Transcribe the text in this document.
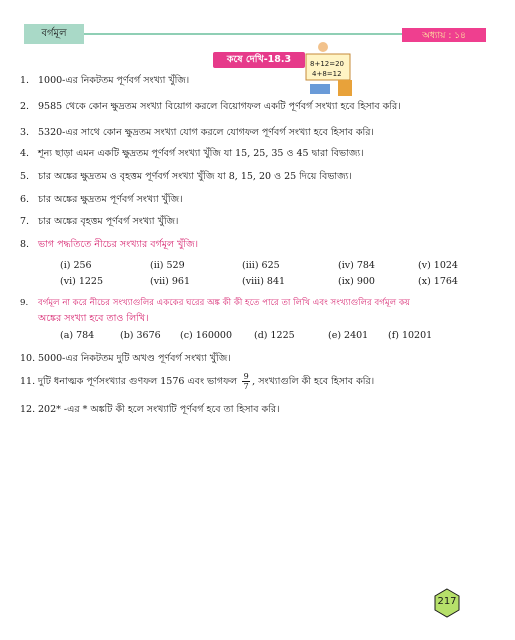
বর্গমূল	অধ্যায় : ১৪
কষে দেখি-18.3	8+12=20
4+8=12
1. 1000-এর নিকটতম পূর্ণবর্গ সংখ্যা খুঁজি।
2. 9585 থেকে কোন ক্ষুদ্রতম সংখ্যা বিয়োগ করলে বিয়োগফল একটি পূর্ণবর্গ সংখ্যা হবে হিসাব করি।
3. 5320-এর সাথে কোন ক্ষুদ্রতম সংখ্যা যোগ করলে যোগফল পূর্ণবর্গ সংখ্যা হবে হিসাব করি।
4. শূন্য ছাড়া এমন একটি ক্ষুদ্রতম পূর্ণবর্গ সংখ্যা খুঁজি যা 15, 25, 35 ও 45 দ্বারা বিভাজ্য।
5. চার অঙ্কের ক্ষুদ্রতম ও বৃহত্তম পূর্ণবর্গ সংখ্যা খুঁজি যা 8, 15, 20 ও 25 দিয়ে বিভাজ্য।
6. চার অঙ্কের ক্ষুদ্রতম পূর্ণবর্গ সংখ্যা খুঁজি।
7. চার অঙ্কের বৃহত্তম পূর্ণবর্গ সংখ্যা খুঁজি।
8. ভাগ পদ্ধতিতে নীচের সংখ্যার বর্গমূল খুঁজি।
(i) 256	(ii) 529	(iii) 625	(iv) 784	(v) 1024
(vi) 1225	(vii) 961	(viii) 841	(ix) 900	(x) 1764
9. বর্গমূল না করে নীচের সংখ্যাগুলির এককের ঘরের অঙ্ক কী কী হতে পারে তা লিখি এবং সংখ্যাগুলির বর্গমূল কয়
অঙ্কের সংখ্যা হবে তাও লিখি।
(a) 784	(b) 3676 (c) 160000 (d) 1225	(e) 2401 (f) 10201
10. 5000-এর নিকটতম দুটি অখণ্ড পূর্ণবর্গ সংখ্যা খুঁজি।
11. দুটি ধনাত্মক পূর্ণসংখ্যার গুণফল 1576 এবং ভাগফল $\frac{9}{7}$ , সংখ্যাগুলি কী হবে হিসাব করি।
12. 202* -এর * অঙ্কটি কী হলে সংখ্যাটি পূর্ণবর্গ হবে তা হিসাব করি।
217
